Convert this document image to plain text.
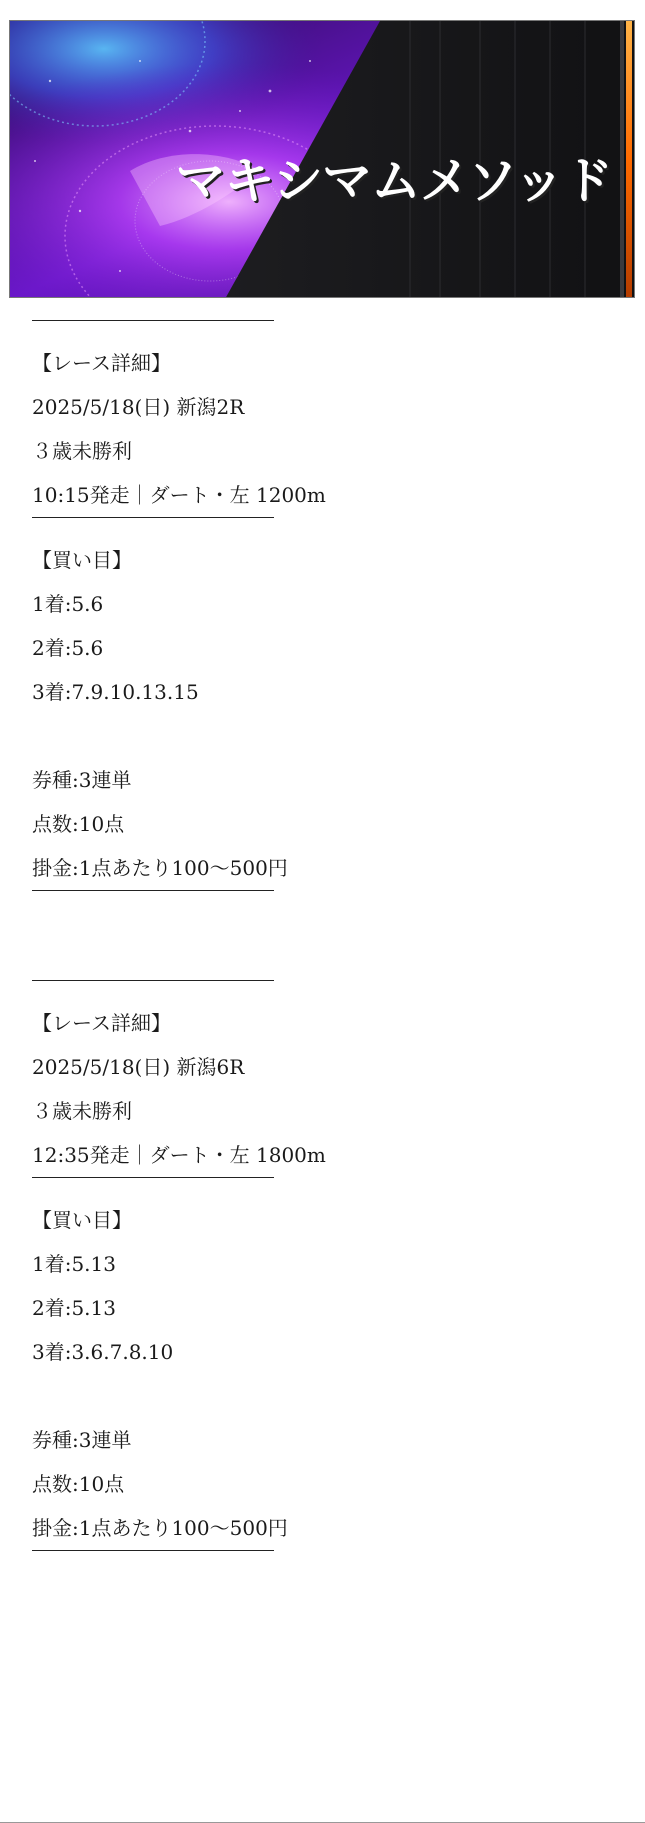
マキシマムメソッド
【レース詳細】
2025/5/18(日) 新潟2R
３歳未勝利
10:15発走｜ダート・左 1200m
【買い目】
1着:5.6
2着:5.6
3着:7.9.10.13.15
券種:3連単
点数:10点
掛金:1点あたり100〜500円
【レース詳細】
2025/5/18(日) 新潟6R
３歳未勝利
12:35発走｜ダート・左 1800m
【買い目】
1着:5.13
2着:5.13
3着:3.6.7.8.10
券種:3連単
点数:10点
掛金:1点あたり100〜500円
